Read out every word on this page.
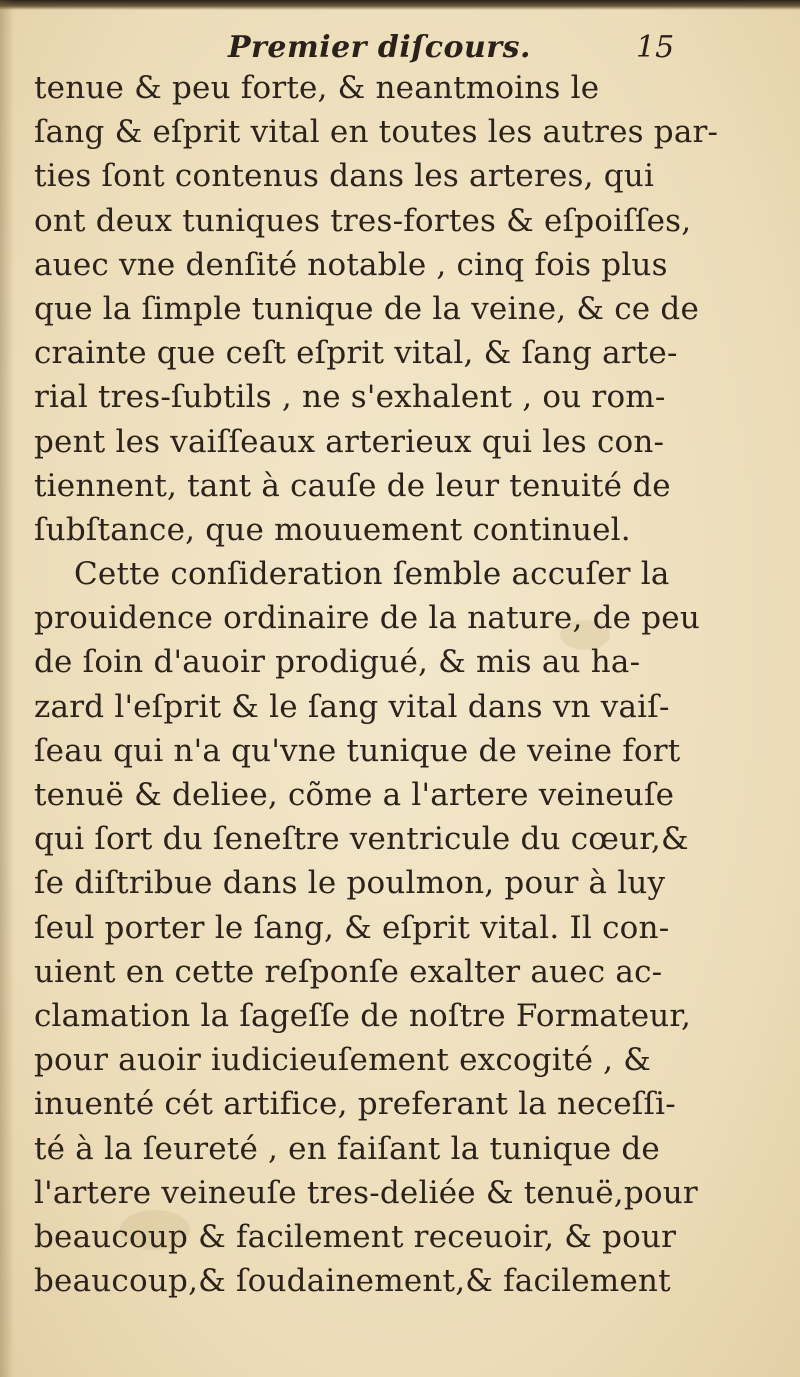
Premier diſcours.	15
tenue & peu forte, & neantmoins le
ſang & eſprit vital en toutes les autres par-
ties ſont contenus dans les arteres, qui
ont deux tuniques tres-fortes & eſpoiſſes,
auec vne denſité notable , cinq fois plus
que la ſimple tunique de la veine, & ce de
crainte que ceſt eſprit vital, & ſang arte-
rial tres-ſubtils , ne s'exhalent , ou rom-
pent les vaiſſeaux arterieux qui les con-
tiennent, tant à cauſe de leur tenuité de
ſubſtance, que mouuement continuel.
Cette conſideration ſemble accuſer la
prouidence ordinaire de la nature, de peu
de ſoin d'auoir prodigué, & mis au ha-
zard l'eſprit & le ſang vital dans vn vaiſ-
ſeau qui n'a qu'vne tunique de veine fort
tenuë & deliee, cõme a l'artere veineuſe
qui ſort du ſeneſtre ventricule du cœur,&
ſe diſtribue dans le poulmon, pour à luy
ſeul porter le ſang, & eſprit vital. Il con-
uient en cette reſponſe exalter auec ac-
clamation la ſageſſe de noſtre Formateur,
pour auoir iudicieuſement excogité , &
inuenté cét artifice, preferant la neceſſi-
té à la ſeureté , en faiſant la tunique de
l'artere veineuſe tres-deliée & tenuë,pour
beaucoup & facilement receuoir, & pour
beaucoup,& ſoudainement,& facilement
